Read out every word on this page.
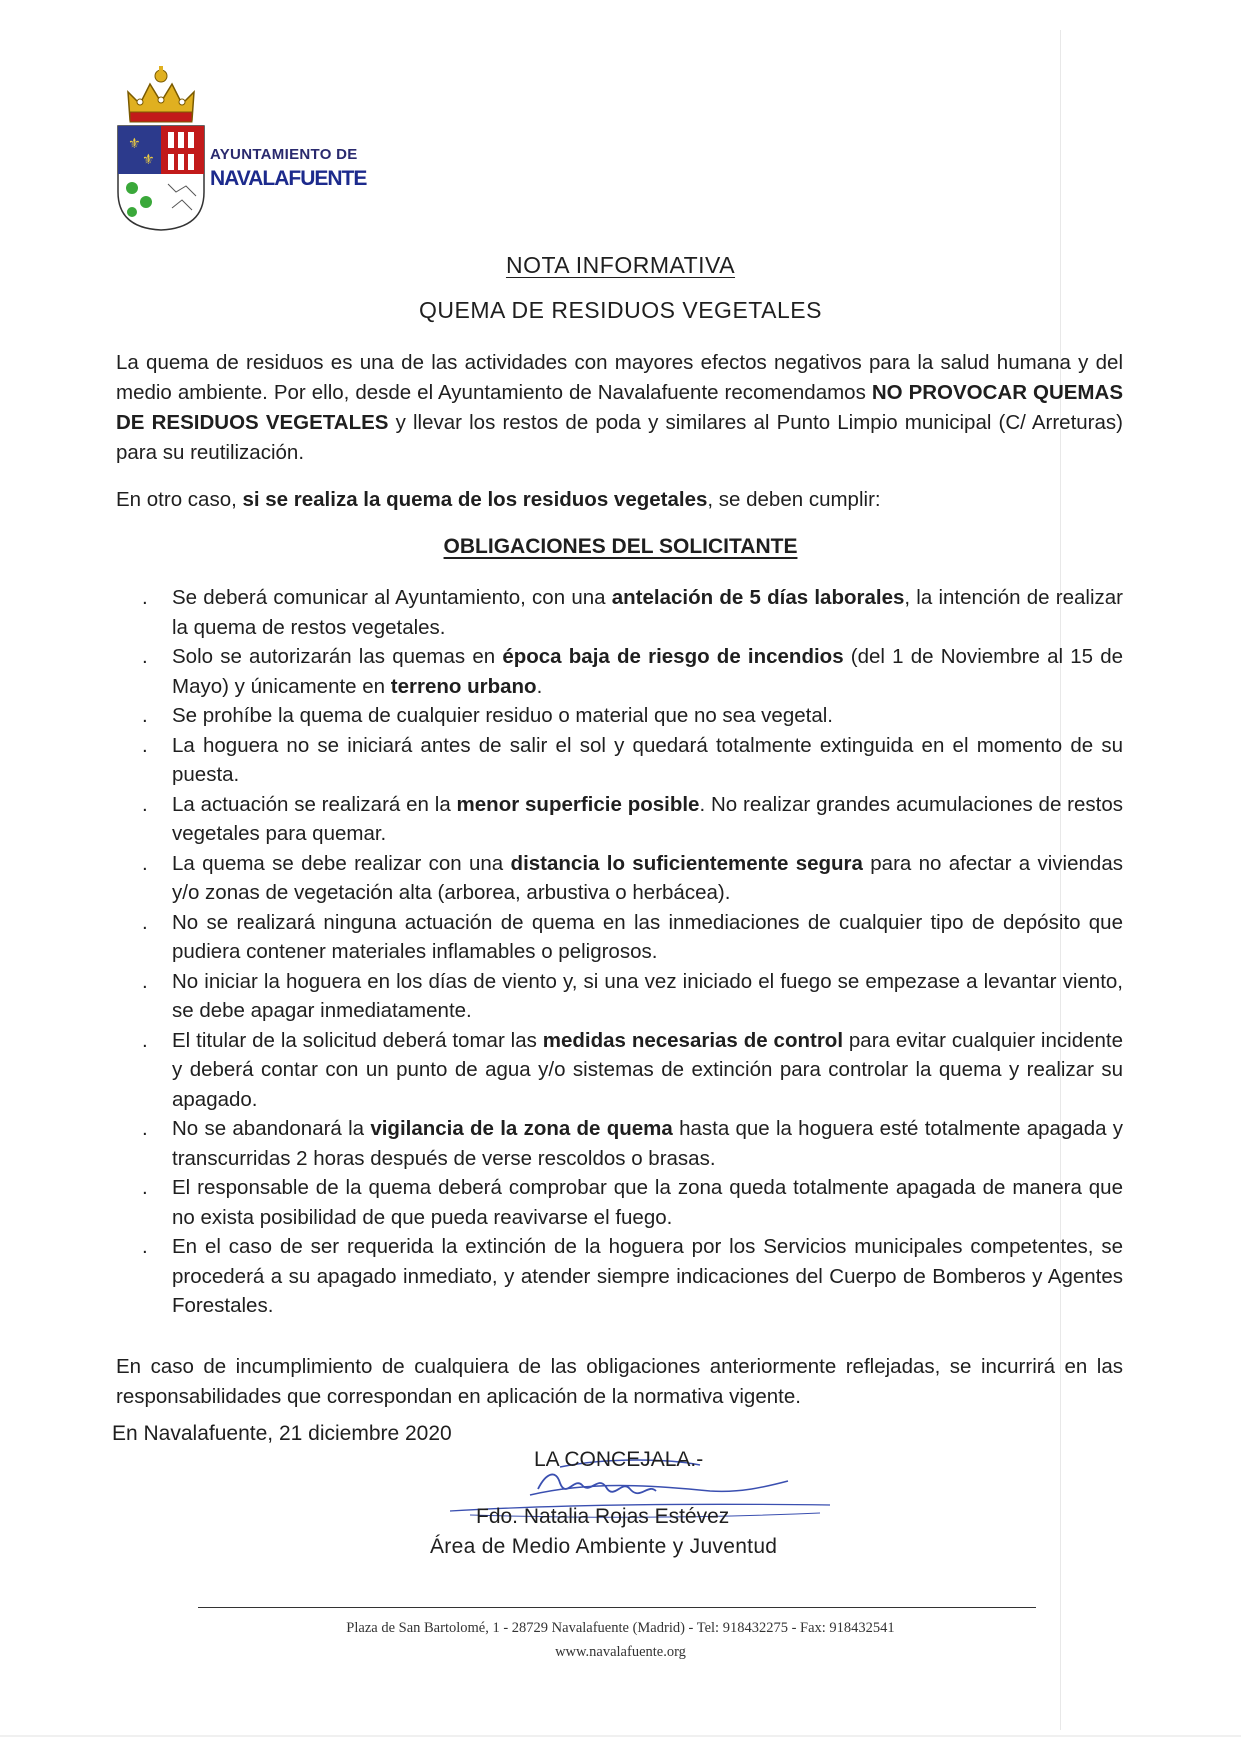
⚜
⚜	AYUNTAMIENTO DE
NAVALAFUENTE
NOTA INFORMATIVA
QUEMA DE RESIDUOS VEGETALES
La quema de residuos es una de las actividades con mayores efectos negativos para la salud humana y del medio ambiente. Por ello, desde el Ayuntamiento de Navalafuente recomendamos NO PROVOCAR QUEMAS DE RESIDUOS VEGETALES y llevar los restos de poda y similares al Punto Limpio municipal (C/ Arreturas) para su reutilización.
En otro caso, si se realiza la quema de los residuos vegetales, se deben cumplir:
OBLIGACIONES DEL SOLICITANTE
. Se deberá comunicar al Ayuntamiento, con una antelación de 5 días laborales, la intención de realizar la quema de restos vegetales.
. Solo se autorizarán las quemas en época baja de riesgo de incendios (del 1 de Noviembre al 15 de Mayo) y únicamente en terreno urbano.
. Se prohíbe la quema de cualquier residuo o material que no sea vegetal.
. La hoguera no se iniciará antes de salir el sol y quedará totalmente extinguida en el momento de su puesta.
. La actuación se realizará en la menor superficie posible. No realizar grandes acumulaciones de restos vegetales para quemar.
. La quema se debe realizar con una distancia lo suficientemente segura para no afectar a viviendas y/o zonas de vegetación alta (arborea, arbustiva o herbácea).
. No se realizará ninguna actuación de quema en las inmediaciones de cualquier tipo de depósito que pudiera contener materiales inflamables o peligrosos.
. No iniciar la hoguera en los días de viento y, si una vez iniciado el fuego se empezase a levantar viento, se debe apagar inmediatamente.
. El titular de la solicitud deberá tomar las medidas necesarias de control para evitar cualquier incidente y deberá contar con un punto de agua y/o sistemas de extinción para controlar la quema y realizar su apagado.
. No se abandonará la vigilancia de la zona de quema hasta que la hoguera esté totalmente apagada y transcurridas 2 horas después de verse rescoldos o brasas.
. El responsable de la quema deberá comprobar que la zona queda totalmente apagada de manera que no exista posibilidad de que pueda reavivarse el fuego.
. En el caso de ser requerida la extinción de la hoguera por los Servicios municipales competentes, se procederá a su apagado inmediato, y atender siempre indicaciones del Cuerpo de Bomberos y Agentes Forestales.
En caso de incumplimiento de cualquiera de las obligaciones anteriormente reflejadas, se incurrirá en las responsabilidades que correspondan en aplicación de la normativa vigente.
En Navalafuente, 21 diciembre 2020
LA CONCEJALA.-
Fdo. Natalia Rojas Estévez
Área de Medio Ambiente y Juventud
Plaza de San Bartolomé, 1 - 28729 Navalafuente (Madrid) - Tel: 918432275 - Fax: 918432541
www.navalafuente.org
